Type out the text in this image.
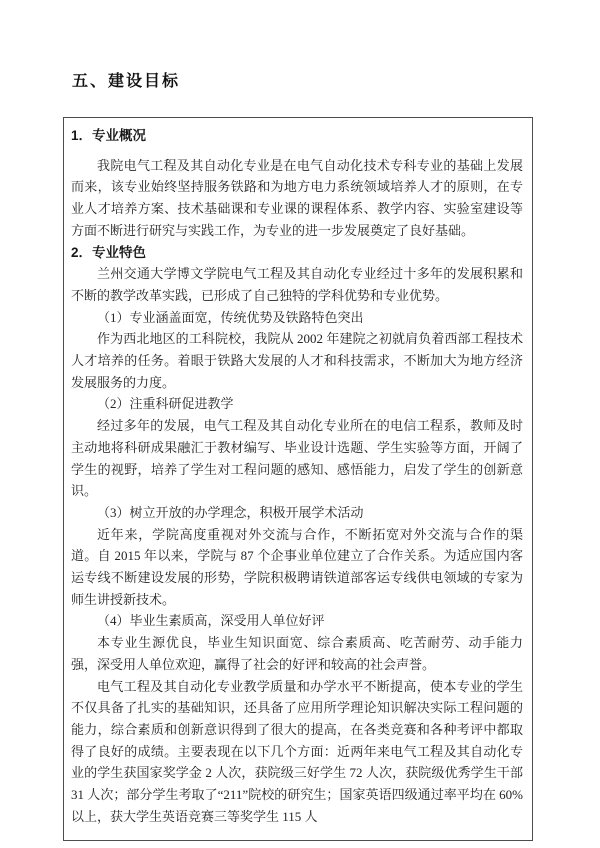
五、建设目标
1．专业概况

我院电气工程及其自动化专业是在电气自动化技术专科专业的基础上发展而来，该专业始终坚持服务铁路和为地方电力系统领域培养人才的原则，在专业人才培养方案、技术基础课和专业课的课程体系、教学内容、实验室建设等方面不断进行研究与实践工作，为专业的进一步发展奠定了良好基础。

2．专业特色

兰州交通大学博文学院电气工程及其自动化专业经过十多年的发展积累和不断的教学改革实践，已形成了自己独特的学科优势和专业优势。

（1）专业涵盖面宽，传统优势及铁路特色突出

作为西北地区的工科院校，我院从 2002 年建院之初就肩负着西部工程技术人才培养的任务。着眼于铁路大发展的人才和科技需求，不断加大为地方经济发展服务的力度。

（2）注重科研促进教学

经过多年的发展，电气工程及其自动化专业所在的电信工程系，教师及时主动地将科研成果融汇于教材编写、毕业设计选题、学生实验等方面，开阔了学生的视野，培养了学生对工程问题的感知、感悟能力，启发了学生的创新意识。

（3）树立开放的办学理念，积极开展学术活动

近年来，学院高度重视对外交流与合作，不断拓宽对外交流与合作的渠道。自 2015 年以来，学院与 87 个企事业单位建立了合作关系。为适应国内客运专线不断建设发展的形势，学院积极聘请铁道部客运专线供电领域的专家为师生讲授新技术。

（4）毕业生素质高，深受用人单位好评

本专业生源优良，毕业生知识面宽、综合素质高、吃苦耐劳、动手能力强，深受用人单位欢迎，赢得了社会的好评和较高的社会声誉。

电气工程及其自动化专业教学质量和办学水平不断提高，使本专业的学生不仅具备了扎实的基础知识，还具备了应用所学理论知识解决实际工程问题的能力，综合素质和创新意识得到了很大的提高，在各类竞赛和各种考评中都取得了良好的成绩。主要表现在以下几个方面：近两年来电气工程及其自动化专业的学生获国家奖学金 2 人次，获院级三好学生 72 人次，获院级优秀学生干部 31 人次；部分学生考取了“211”院校的研究生；国家英语四级通过率平均在 60%以上，获大学生英语竞赛三等奖学生 115 人
